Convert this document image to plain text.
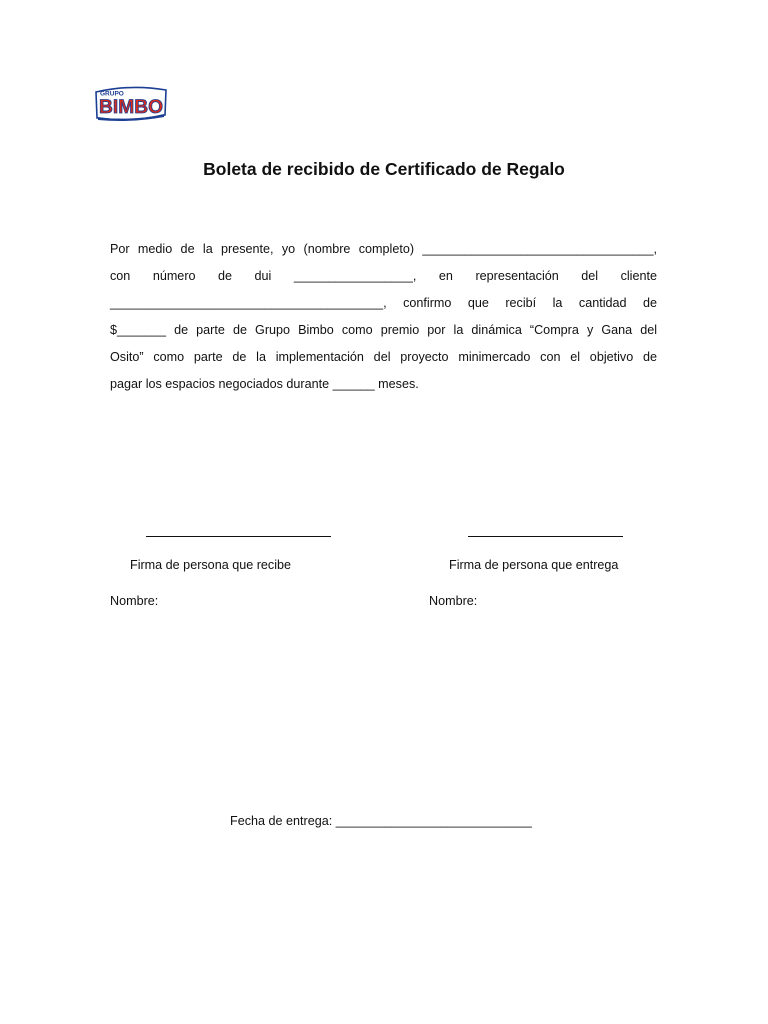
GRUPO
BIMBO
Boleta de recibido de Certificado de Regalo

Por medio de la presente, yo (nombre completo) _________________________________,

con número de dui _________________, en representación del cliente

_______________________________________, confirmo que recibí la cantidad de

$_______ de parte de Grupo Bimbo como premio por la dinámica “Compra y Gana del

Osito” como parte de la implementación del proyecto minimercado con el objetivo de

pagar los espacios negociados durante ______ meses.

Firma de persona que recibe	Firma de persona que entrega
Nombre:	Nombre:
Fecha de entrega: ____________________________
